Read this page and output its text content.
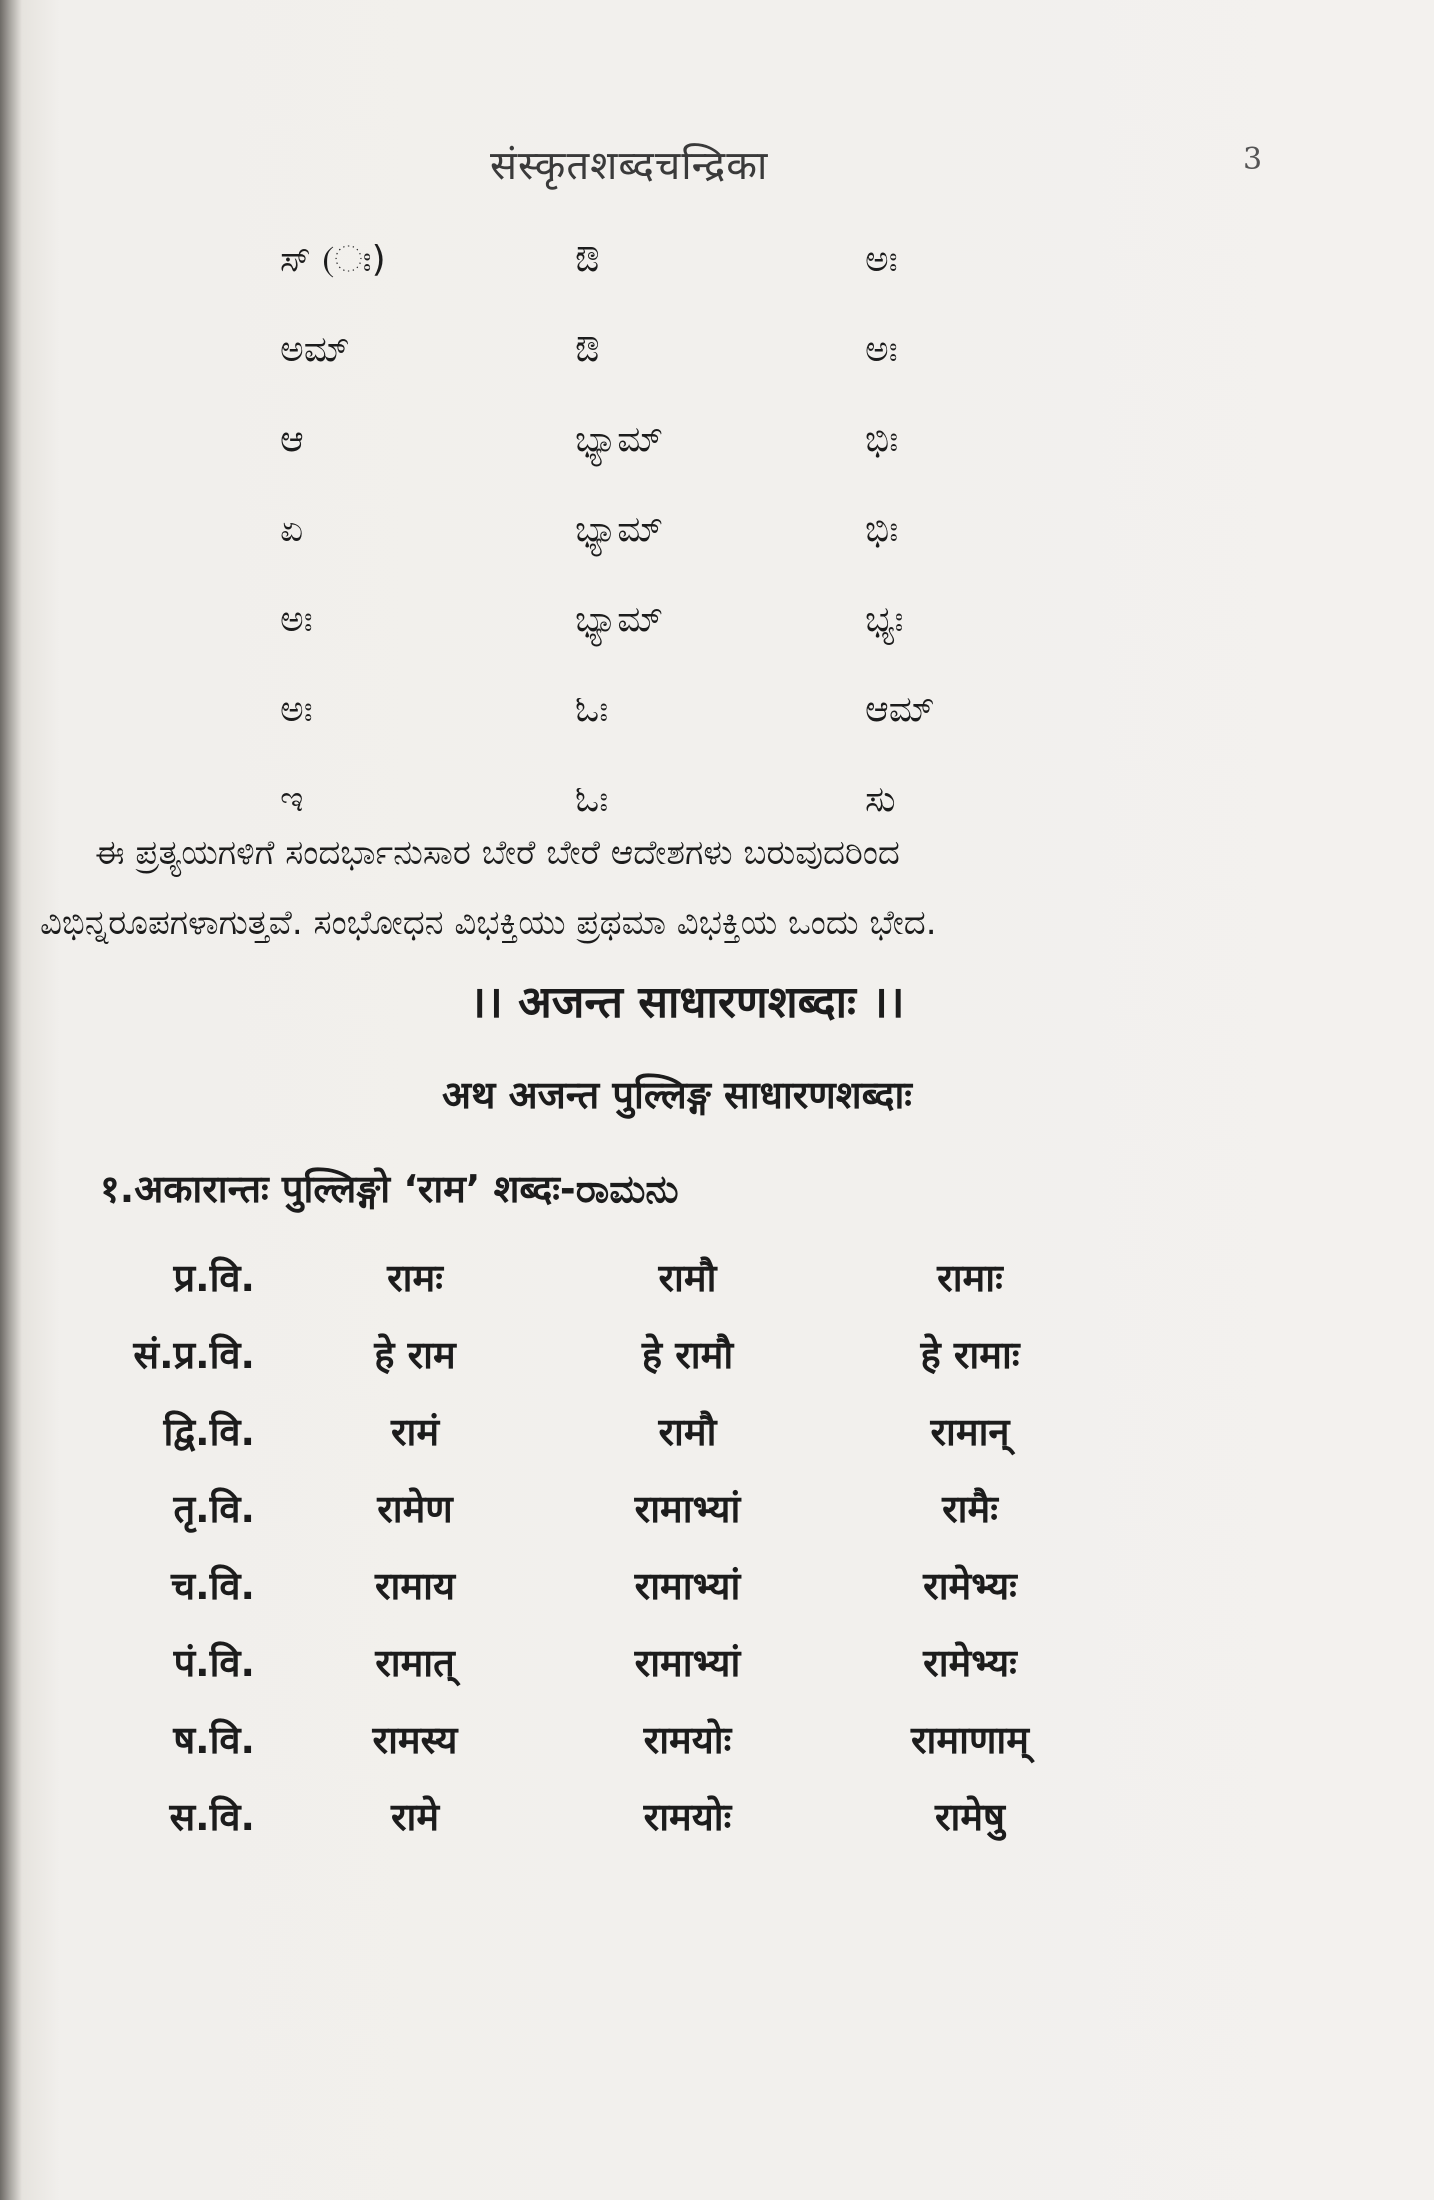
संस्कृतशब्दचन्द्रिका	3
ಸ್ (ಃ)	ಔ	ಅಃ
ಅಮ್	ಔ	ಅಃ
ಆ	ಭ್ಯಾಮ್	ಭಿಃ
ಏ	ಭ್ಯಾಮ್	ಭಿಃ
ಅಃ	ಭ್ಯಾಮ್	ಭ್ಯಃ
ಅಃ	ಓಃ	ಆಮ್
ಇ	ಓಃ	ಸು
ಈ ಪ್ರತ್ಯಯಗಳಿಗೆ ಸಂದರ್ಭಾನುಸಾರ ಬೇರೆ ಬೇರೆ ಆದೇಶಗಳು ಬರುವುದರಿಂದ
ವಿಭಿನ್ನರೂಪಗಳಾಗುತ್ತವೆ. ಸಂಭೋಧನ ವಿಭಕ್ತಿಯು ಪ್ರಥಮಾ ವಿಭಕ್ತಿಯ ಒಂದು ಭೇದ.
।। अजन्त साधारणशब्दाः ।।
अथ अजन्त पुल्लिङ्ग साधारणशब्दाः
१.अकारान्तः पुल्लिङ्गो ‘राम’ शब्दः-ರಾಮನು
प्र.वि.	रामः	रामौ	रामाः
सं.प्र.वि.	हे राम	हे रामौ	हे रामाः
द्वि.वि.	रामं	रामौ	रामान्
तृ.वि.	रामेण	रामाभ्यां	रामैः
च.वि.	रामाय	रामाभ्यां	रामेभ्यः
पं.वि.	रामात्	रामाभ्यां	रामेभ्यः
ष.वि.	रामस्य	रामयोः	रामाणाम्
स.वि.	रामे	रामयोः	रामेषु
